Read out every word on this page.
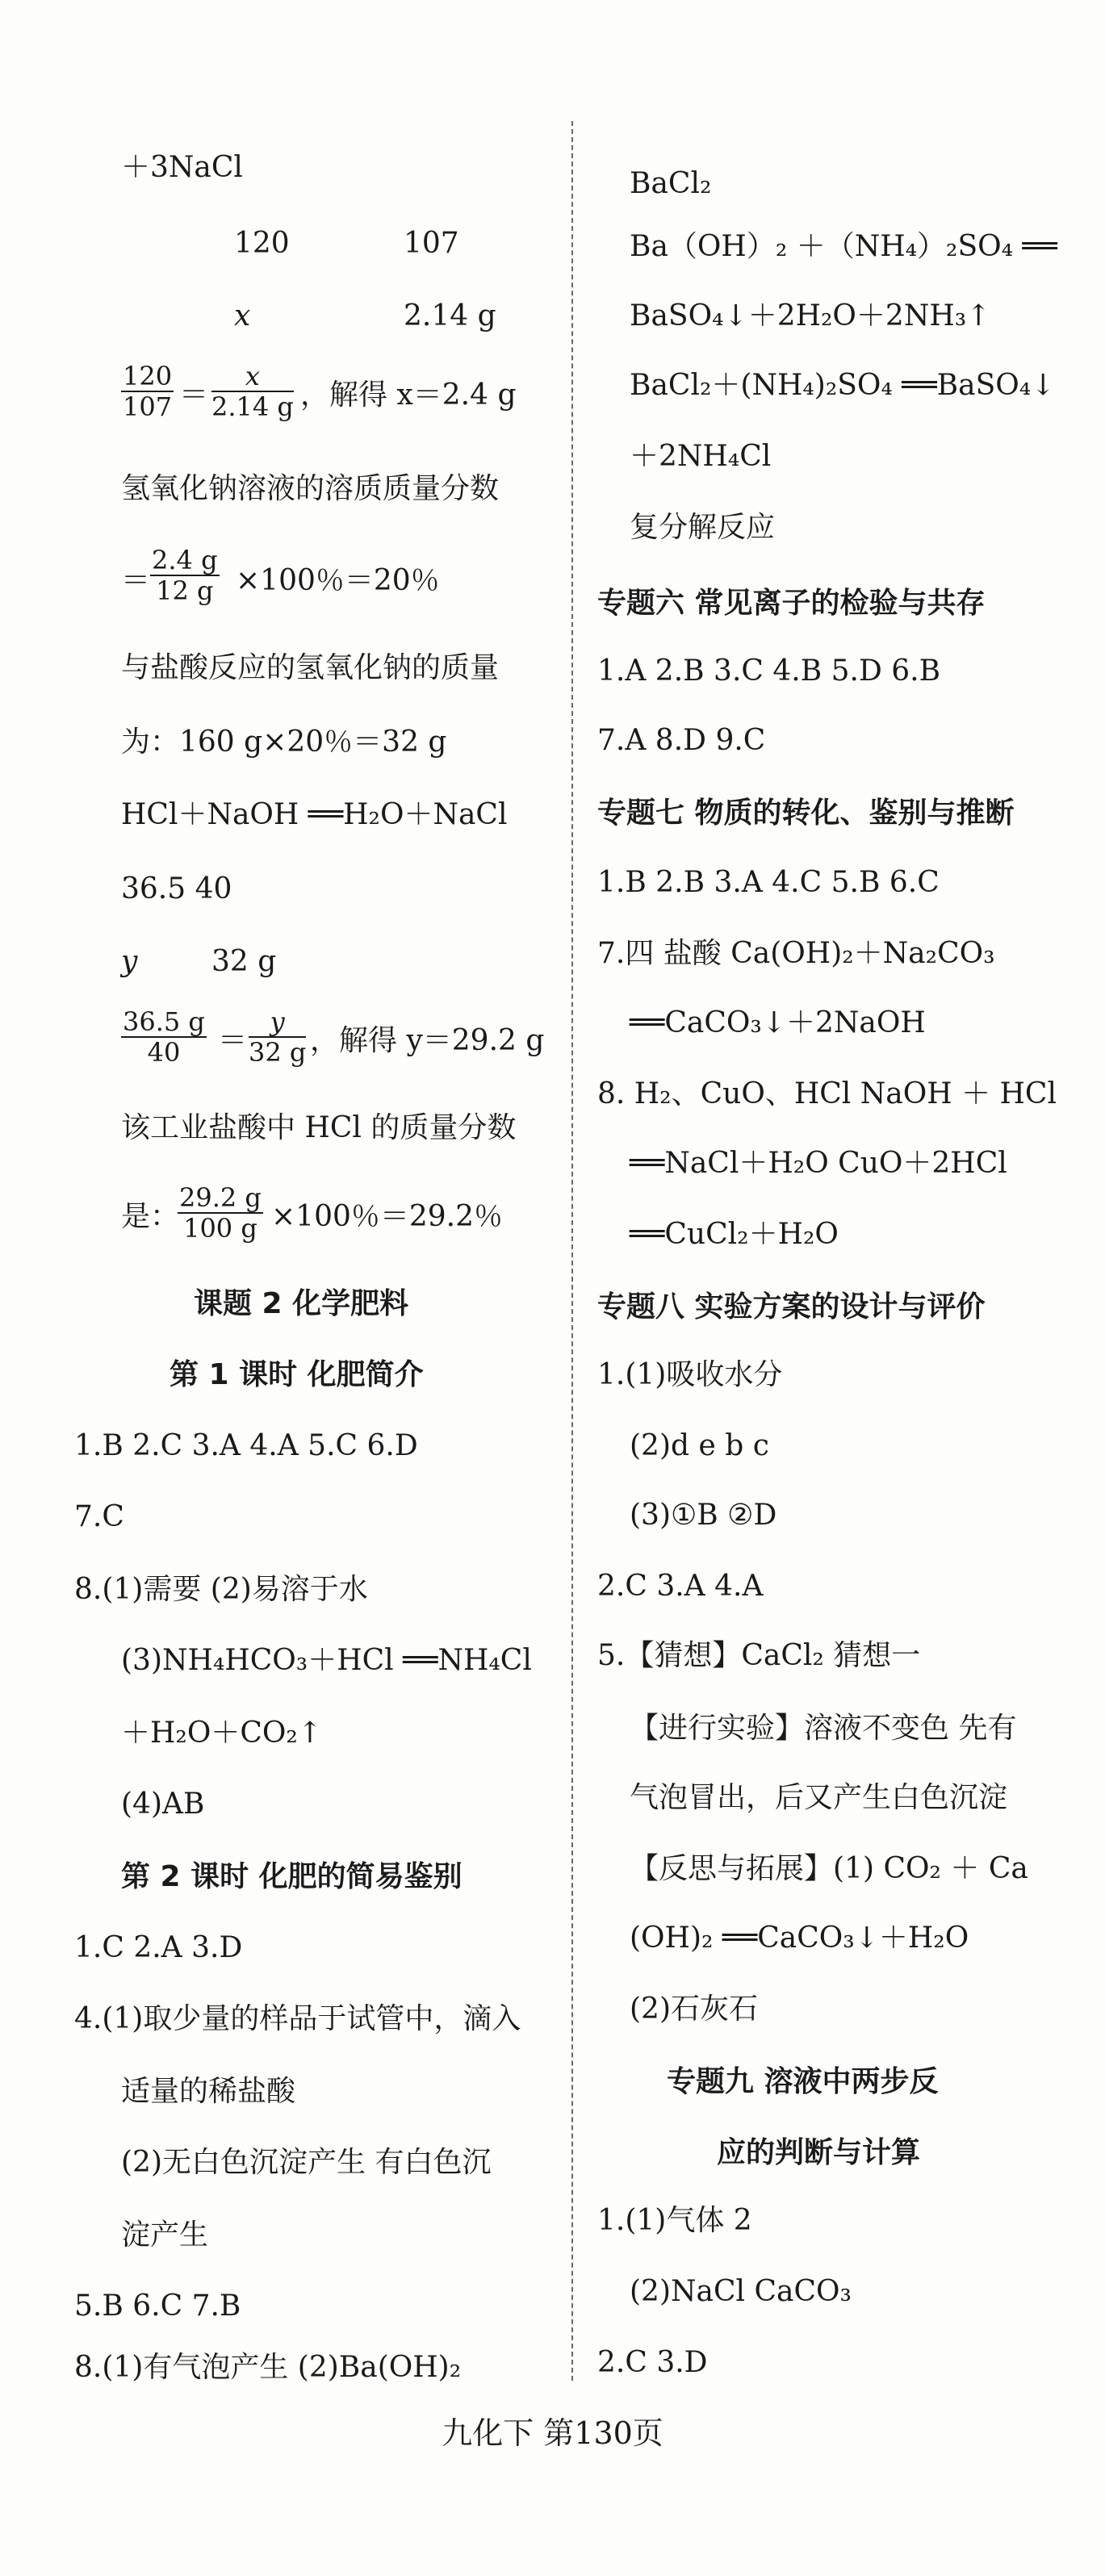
＋3NaCl
120	107
x	2.14 g
$\frac{120}{107} = \frac{x}{2.14 g}$ ，解得 x＝2.4 g
氢氧化钠溶液的溶质质量分数
＝ $\frac{2.4 g}{12 g} \times 100$％＝20％
与盐酸反应的氢氧化钠的质量
为：160 g×20％＝32 g
HCl＋NaOH ══H₂O＋NaCl
36.5 40
y	32 g
$\frac{36.5 g}{40} = \frac{y}{32 g}$ ，解得 y＝29.2 g
该工业盐酸中 HCl 的质量分数
是：
$\frac{29.2 g}{100 g} \times 100$％＝29.2％
课题 2 化学肥料
第 1 课时 化肥简介
1.B 2.C 3.A 4.A 5.C 6.D
7.C
8.(1)需要 (2)易溶于水
(3)NH₄HCO₃＋HCl ══NH₄Cl
＋H₂O＋CO₂↑
(4)AB
第 2 课时 化肥的简易鉴别
1.C 2.A 3.D
4.(1)取少量的样品于试管中，滴入
适量的稀盐酸
(2)无白色沉淀产生 有白色沉
淀产生
5.B 6.C 7.B
8.(1)有气泡产生 (2)Ba(OH)₂
BaCl₂
Ba（OH）₂ ＋（NH₄）₂SO₄ ══
BaSO₄↓＋2H₂O＋2NH₃↑
BaCl₂＋(NH₄)₂SO₄ ══BaSO₄↓
＋2NH₄Cl
复分解反应
专题六 常见离子的检验与共存
1.A 2.B 3.C 4.B 5.D 6.B
7.A 8.D 9.C
专题七 物质的转化、鉴别与推断
1.B 2.B 3.A 4.C 5.B 6.C
7.四 盐酸 Ca(OH)₂＋Na₂CO₃
══CaCO₃↓＋2NaOH
8. H₂、CuO、HCl NaOH ＋ HCl
══NaCl＋H₂O CuO＋2HCl
══CuCl₂＋H₂O
专题八 实验方案的设计与评价
1.(1)吸收水分
(2)d e b c
(3)①B ②D
2.C 3.A 4.A
5.【猜想】CaCl₂ 猜想一
【进行实验】溶液不变色 先有
气泡冒出，后又产生白色沉淀
【反思与拓展】(1) CO₂ ＋ Ca
(OH)₂ ══CaCO₃↓＋H₂O
(2)石灰石
专题九 溶液中两步反
应的判断与计算
1.(1)气体 2
(2)NaCl CaCO₃
2.C 3.D
九化下 第130页
